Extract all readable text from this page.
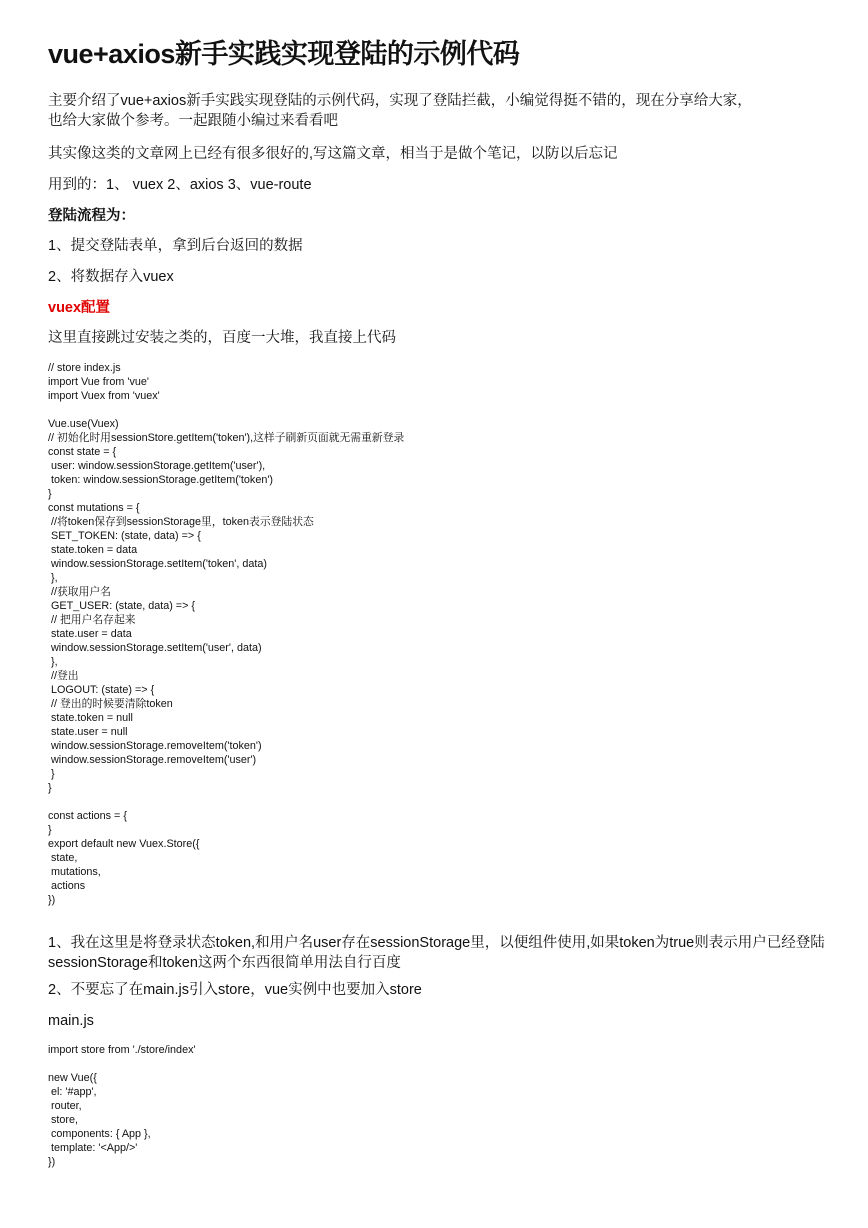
vue+axios新手实践实现登陆的示例代码

主要介绍了vue+axios新手实践实现登陆的示例代码，实现了登陆拦截，小编觉得挺不错的，现在分享给大家，
也给大家做个参考。一起跟随小编过来看看吧

其实像这类的文章网上已经有很多很好的,写这篇文章，相当于是做个笔记，以防以后忘记

用到的：1、 vuex 2、axios 3、vue-route

登陆流程为：

1、提交登陆表单，拿到后台返回的数据

2、将数据存入vuex

vuex配置

这里直接跳过安装之类的，百度一大堆，我直接上代码

// store index.js
import Vue from 'vue'
import Vuex from 'vuex'
Vue.use(Vuex)
// 初始化时用sessionStore.getItem('token'),这样子刷新页面就无需重新登录
const state = {
user: window.sessionStorage.getItem('user'),
token: window.sessionStorage.getItem('token')
}
const mutations = {
//将token保存到sessionStorage里，token表示登陆状态
SET_TOKEN: (state, data) => {
state.token = data
window.sessionStorage.setItem('token', data)
},
//获取用户名
GET_USER: (state, data) => {
// 把用户名存起来
state.user = data
window.sessionStorage.setItem('user', data)
},
//登出
LOGOUT: (state) => {
// 登出的时候要清除token
state.token = null
state.user = null
window.sessionStorage.removeItem('token')
window.sessionStorage.removeItem('user')
}
}
const actions = {
}
export default new Vuex.Store({
state,
mutations,
actions
})

1、我在这里是将登录状态token,和用户名user存在sessionStorage里，以便组件使用,如果token为true则表示用户已经登陆
sessionStorage和token这两个东西很简单用法自行百度

2、不要忘了在main.js引入store，vue实例中也要加入store

main.js

import store from './store/index'
new Vue({
el: '#app',
router,
store,
components: { App },
template: '<App/>'
})
